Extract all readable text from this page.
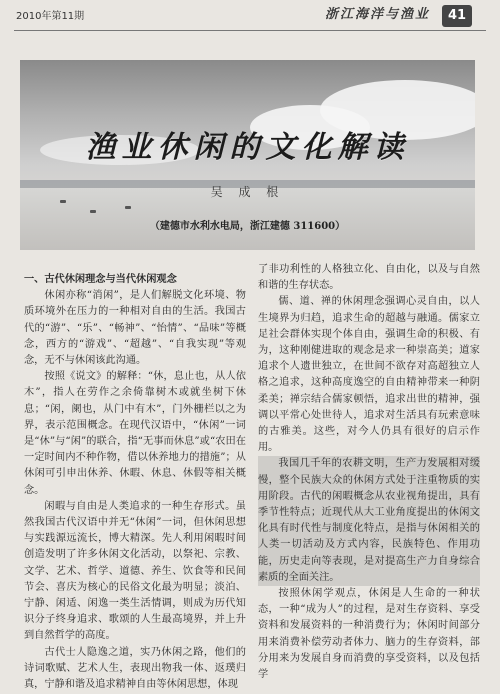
2010年第11期	浙江海洋与渔业	41
渔业休闲的文化解读
吴 成 根
（建德市水利水电局，浙江建德 311600）

一、古代休闲理念与当代休闲观念

休闲亦称“消闲”，是人们解脱文化环境、物质环境外在压力的一种相对自由的生活。我国古代的“游”、“乐”、“畅神”、“怡情”、“品味”等概念，西方的“游戏”、“超越”、“自我实现”等观念，无不与休闲该此沟通。

按照《说文》的解释：“休，息止也，从人依木”，指人在劳作之余倚靠树木或就坐树下休息；“闲，阑也，从门中有木”，门外栅栏以之为界，表示范围概念。在现代汉语中，“休闲”一词是“休”与“闲”的联合，指“无事而休息”或“农田在一定时间内不种作物，借以休养地力的措施”；从休闲可引申出休养、休暇、休息、休假等相关概念。

闲暇与自由是人类追求的一种生存形式。虽然我国古代汉语中并无“休闲”一词，但休闲思想与实践源远流长，博大精深。先人利用闲暇时间创造发明了许多休闲文化活动，以祭祀、宗教、文学、艺术、哲学、道德、养生、饮食等和民间节会、喜庆为核心的民俗文化最为明显；淡泊、宁静、闲适、闲逸一类生活情调，则成为历代知识分子终身追求、歌颂的人生最高境界，并上升到自然哲学的高度。

古代士人隐逸之道，实乃休闲之路，他们的诗词歌赋、艺术人生，表现出物我一体、返璞归真，宁静和谐及追求精神自由等休闲思想，体现

了非功利性的人格独立化、自由化，以及与自然和谐的生存状态。

儒、道、禅的休闲理念强调心灵自由，以人生境界为归趋，追求生命的超越与融通。儒家立足社会群体实现个体自由，强调生命的积极、有为，这种刚健进取的观念是求一种崇高美；道家追求个人遗世独立，在世间不欲存对高超独立人格之追求，这种高度逸空的自由精神带来一种阴柔美；禅宗结合儒家顿悟，追求出世的精神，强调以平常心处世待人，追求对生活具有玩索意味的古雅美。这些，对今人仍具有很好的启示作用。

我国几千年的农耕文明，生产力发展相对缓慢，整个民族大众的休闲方式处于注重物质的实用阶段。古代的闲暇概念从农业视角提出，具有季节性特点；近现代从大工业角度提出的休闲文化具有时代性与制度化特点，是指与休闲相关的人类一切活动及方式内容，民族特色、作用功能，历史走向等表现，是对提高生产力自身综合素质的全面关注。

按照休闲学观点，休闲是人生命的一种状态，一种“成为人”的过程，是对生存资料、享受资料和发展资料的一种消费行为；休闲时间部分用来消费补偿劳动者体力、脑力的生存资料，部分用来为发展自身而消费的享受资料，以及包括学
